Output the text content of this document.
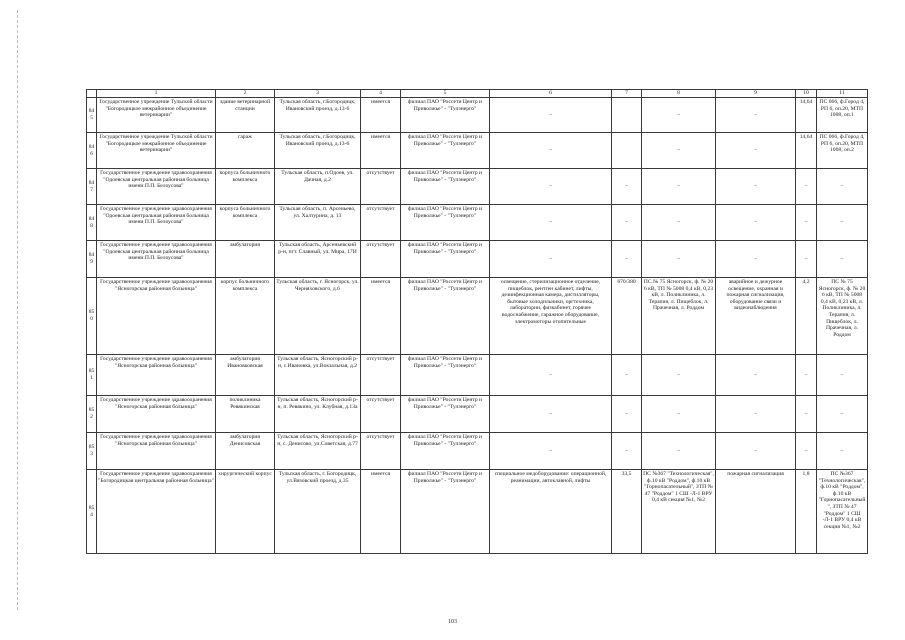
	1	2	3	4	5	6	7	8	9	10	11
845	Государственное учреждение Тульской области "Богородицкое межрайонное объединение ветеринарии"	здание ветеринарной станции	Тульская область, г.Богородицк, Ивановский проезд, д.13-6	имеется	филиал ПАО "Россети Центр и Приволжье" - "Тулэнерго"	–		–	–	14,64	ПС 066, ф.Город 4, РП 6, оп.20, МТП 1008, оп.1
846	Государственное учреждение Тульской области "Богородицкое межрайонное объединение ветеринарии"	гараж	Тульская область, г.Богородицк, Ивановский проезд, д.13-6	имеется	филиал ПАО "Россети Центр и Приволжье" - "Тулэнерго"	–		–	–	14,64	ПС 066, ф.Город 4, РП 6, оп.20, МТП 1008, оп.2
847	Государственное учреждение здравоохранения "Одоевская центральная районная больница имени П.П. Белоусова"	корпуса больничного комплекса	Тульская область, п.Одоев, ул. Дачная, д.2	отсутствует	филиал ПАО "Россети Центр и Приволжье" - "Тулэнерго"	–	–	–	–	–	–
848	Государственное учреждение здравоохранения "Одоевская центральная районная больница имени П.П. Белоусова"	корпуса больничного комплекса	Тульская область, п. Арсеньево, ул. Халтурина, д. 13	отсутствует	филиал ПАО "Россети Центр и Приволжье" - "Тулэнерго"	–	–	–	–	–	–
849	Государственное учреждение здравоохранения "Одоевская центральная районная больница имени П.П. Белоусова"	амбулатория	Тульская область, Арсеньевский р-н, пгт. Славный, ул. Мира, 17И	отсутствует	филиал ПАО "Россети Центр и Приволжье" - "Тулэнерго"	–	–	–	–	–	–
850	Государственное учреждение здравоохранения "Ясногорская районная больница"	корпус больничного комплекса	Тульская область, г. Ясногорск, ул. Черняховского, д.6	имеется	филиал ПАО "Россети Центр и Приволжье" - "Тулэнерго"	освещение, стерилизационное отделение, пищеблок, рентген кабинет, лифты, дезинфекционная камера, дистилляторы, бытовые холодильники, оргтехника, лаборатории, физкабинет, горячее водоснабжение, гаражное оборудование, электромоторы отопительные	670/380	ПС № 75 Ясногорск, ф. № 20 6 кВ, ТП № 5008 0,4 кВ, 0,23 кВ, л. Поликлиника, л. Терапия, л. Пищеблок, л. Прачечная, л. Роддом	аварийное и дежурное освещение, охранная и пожарная сигнализация, оборудование связи и видеонаблюдения	4,2	ПС № 75 Ясногорск, ф. № 20 6 кВ, ТП № 5008 0,4 кВ, 0,23 кВ, л. Поликлиника, л. Терапия, л. Пищеблок, л. Прачечная, л. Роддом
851	Государственное учреждение здравоохранения "Ясногорская районная больница"	амбулатория Ивановковская	Тульская область, Ясногорский р-н, с.Ивановка, ул.Вокзальная, д.2	отсутствует	филиал ПАО "Россети Центр и Приволжье" - "Тулэнерго"	–	–	–	–	–	–
852	Государственное учреждение здравоохранения "Ясногорская районная больница"	поликлиника Ревякинская	Тульская область, Ясногорский р-н, п. Ревякино, ул. Клубная, д.13а	отсутствует	филиал ПАО "Россети Центр и Приволжье" - "Тулэнерго"	–	–	–	–	–	–
853	Государственное учреждение здравоохранения "Ясногорская районная больница"	амбулатория Денисовская	Тульская область, Ясногорский р-н, с. Денисово, ул.Советская, д.77	отсутствует	филиал ПАО "Россети Центр и Приволжье" - "Тулэнерго"	–	–	–	–	–	–
854	Государственное учреждение здравоохранения "Богородицкая центральная районная больница"	хирургический корпус	Тульская область, г. Богородицк, ул.Вязовский проезд, д.35	имеется	филиал ПАО "Россети Центр и Приволжье" - "Тулэнерго"	специальное медоборудование: операционной, реанимации, автоклавной, лифты	33,5	ПС №367 "Технологическая", ф.10 кВ "Роддом", ф.10 кВ "Горнопасательный", ЗТП № 47 "Роддом" 1 СШ -Л-1 ВРУ 0,4 кВ секция №1, №2	пожарная сигнализация	1,8	ПС №367 "Технологическая", ф.10 кВ "Роддом", ф.10 кВ "Горнопасательный", ЗТП № 47 "Роддом" 1 СШ -Л-1 ВРУ 0,4 кВ секция №1, №2
103
